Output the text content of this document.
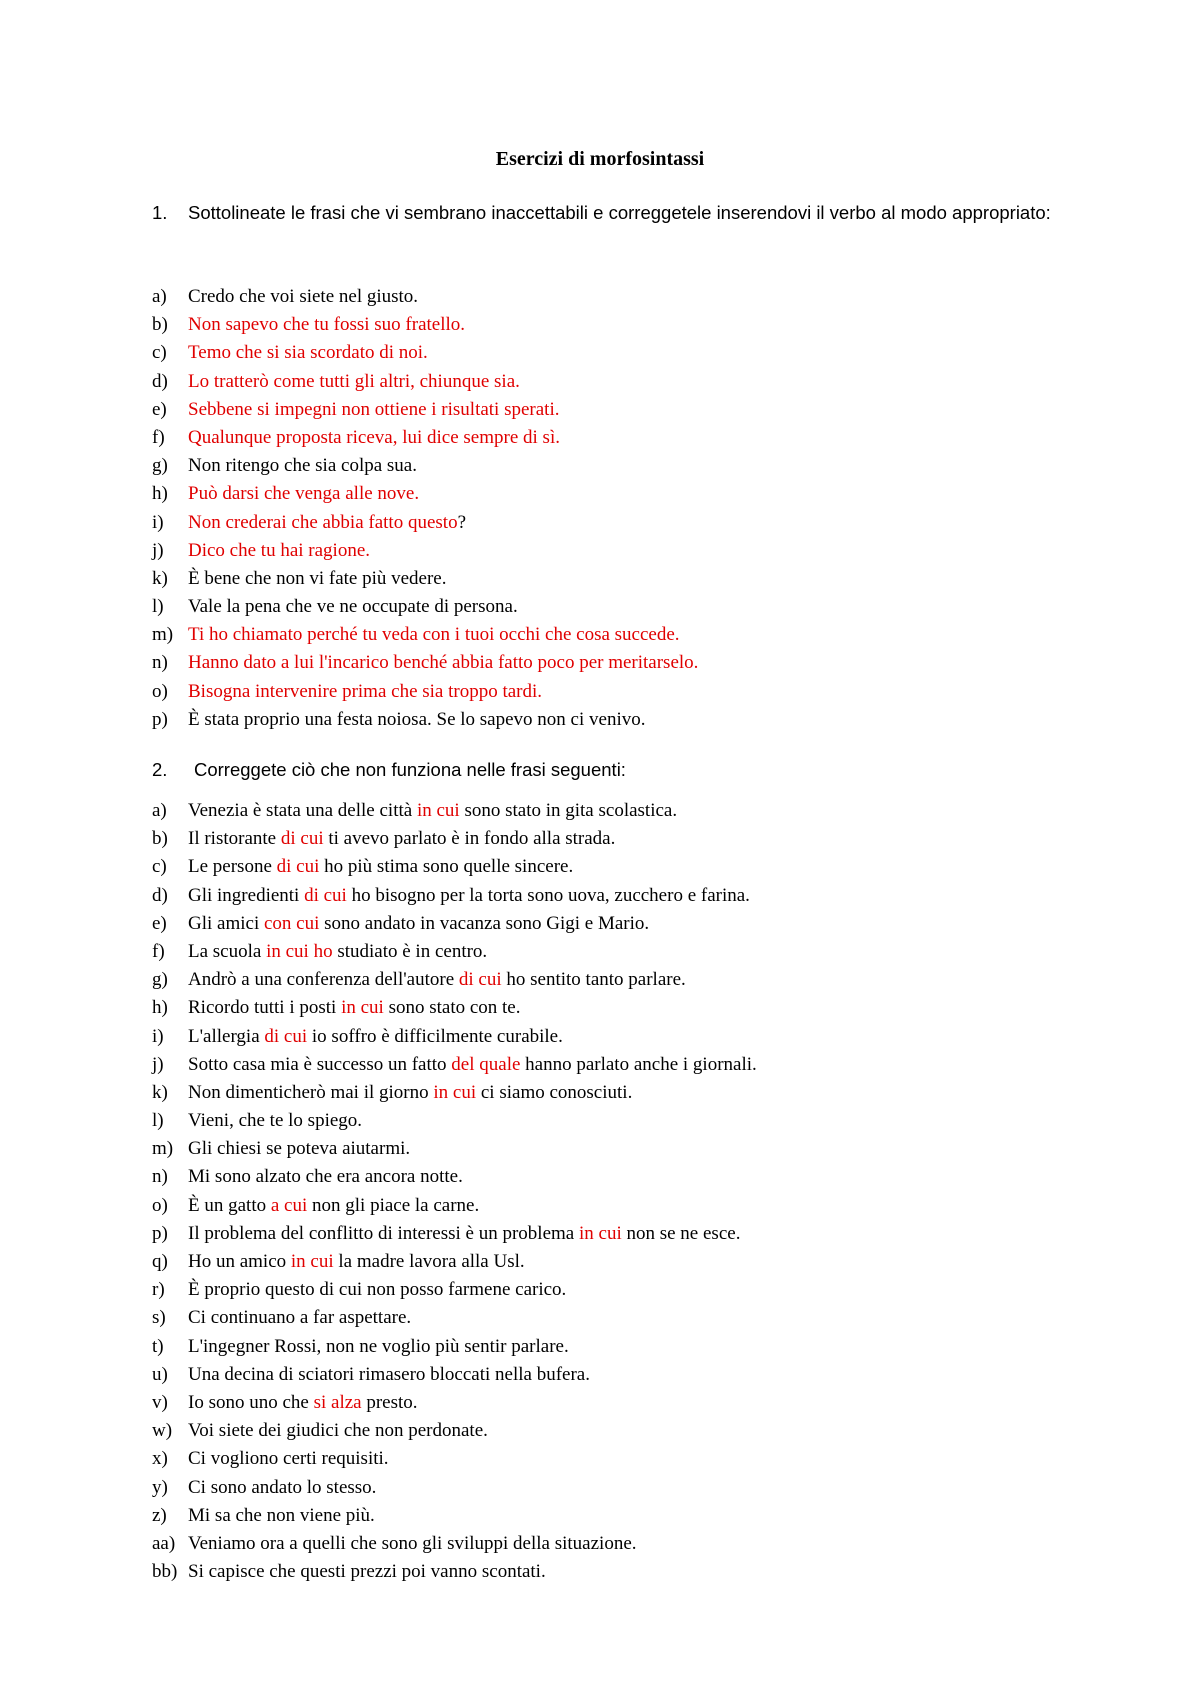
Esercizi di morfosintassi
1. Sottolineate le frasi che vi sembrano inaccettabili e correggetele inserendovi il verbo al modo appropriato:
a) Credo che voi siete nel giusto.
b) Non sapevo che tu fossi suo fratello.
c) Temo che si sia scordato di noi.
d) Lo tratterò come tutti gli altri, chiunque sia.
e) Sebbene si impegni non ottiene i risultati sperati.
f) Qualunque proposta riceva, lui dice sempre di sì.
g) Non ritengo che sia colpa sua.
h) Può darsi che venga alle nove.
i) Non crederai che abbia fatto questo?
j) Dico che tu hai ragione.
k) È bene che non vi fate più vedere.
l) Vale la pena che ve ne occupate di persona.
m) Ti ho chiamato perché tu veda con i tuoi occhi che cosa succede.
n) Hanno dato a lui l'incarico benché abbia fatto poco per meritarselo.
o) Bisogna intervenire prima che sia troppo tardi.
p) È stata proprio una festa noiosa. Se lo sapevo non ci venivo.
2. Correggete ciò che non funziona nelle frasi seguenti:
a) Venezia è stata una delle città in cui sono stato in gita scolastica.
b) Il ristorante di cui ti avevo parlato è in fondo alla strada.
c) Le persone di cui ho più stima sono quelle sincere.
d) Gli ingredienti di cui ho bisogno per la torta sono uova, zucchero e farina.
e) Gli amici con cui sono andato in vacanza sono Gigi e Mario.
f) La scuola in cui ho studiato è in centro.
g) Andrò a una conferenza dell'autore di cui ho sentito tanto parlare.
h) Ricordo tutti i posti in cui sono stato con te.
i) L'allergia di cui io soffro è difficilmente curabile.
j) Sotto casa mia è successo un fatto del quale hanno parlato anche i giornali.
k) Non dimenticherò mai il giorno in cui ci siamo conosciuti.
l) Vieni, che te lo spiego.
m) Gli chiesi se poteva aiutarmi.
n) Mi sono alzato che era ancora notte.
o) È un gatto a cui non gli piace la carne.
p) Il problema del conflitto di interessi è un problema in cui non se ne esce.
q) Ho un amico in cui la madre lavora alla Usl.
r) È proprio questo di cui non posso farmene carico.
s) Ci continuano a far aspettare.
t) L'ingegner Rossi, non ne voglio più sentir parlare.
u) Una decina di sciatori rimasero bloccati nella bufera.
v) Io sono uno che si alza presto.
w) Voi siete dei giudici che non perdonate.
x) Ci vogliono certi requisiti.
y) Ci sono andato lo stesso.
z) Mi sa che non viene più.
aa) Veniamo ora a quelli che sono gli sviluppi della situazione.
bb) Si capisce che questi prezzi poi vanno scontati.
